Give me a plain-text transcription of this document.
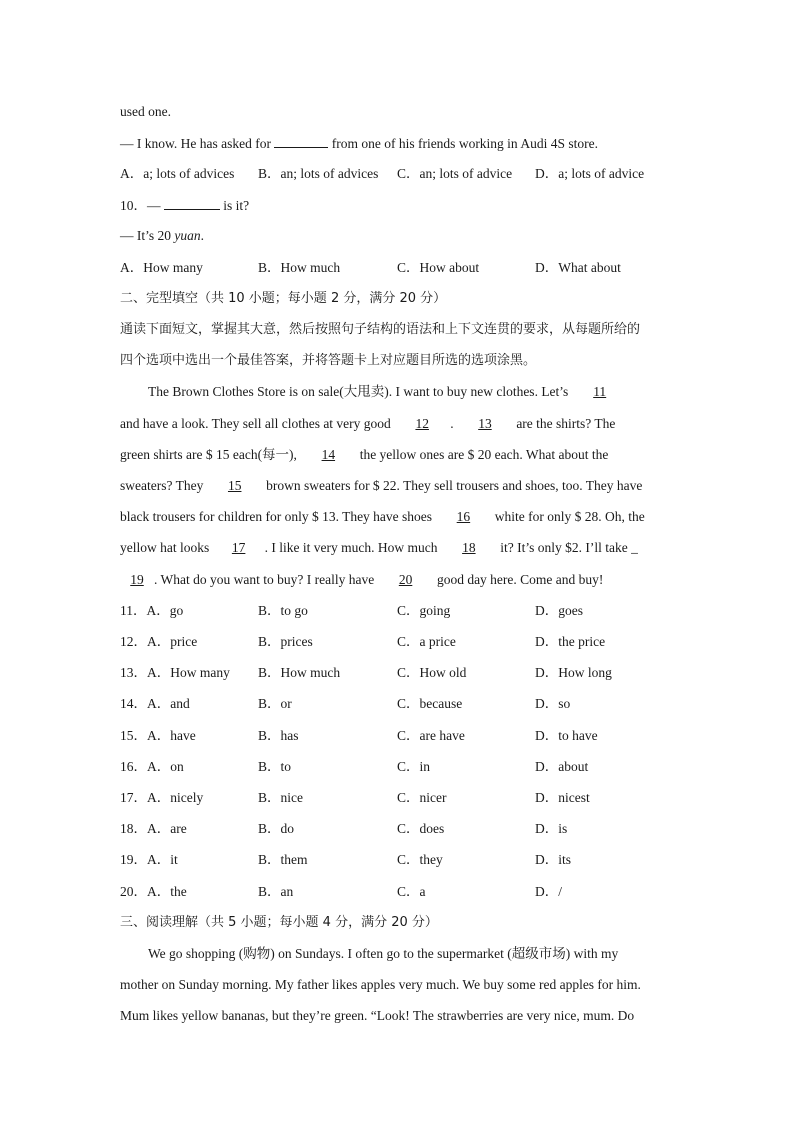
used one.
— I know. He has asked for	from one of his friends working in Audi 4S store.
A．a; lots of advices B．an; lots of advices C．an; lots of advice D．a; lots of advice
10．—	is it?
— It’s 20 yuan.
A．How many	B．How much	C．How about	D．What about
二、完型填空（共 10 小题；每小题 2 分，满分 20 分）
通读下面短文，掌握其大意，然后按照句子结构的语法和上下文连贯的要求，从每题所给的
四个选项中选出一个最佳答案，并将答题卡上对应题目所选的选项涂黑。
The Brown Clothes Store is on sale(大甩卖). I want to buy new clothes. Let’s 11
and have a look. They sell all clothes at very good 12 . 13 are the shirts? The
green shirts are $ 15 each(每一), 14 the yellow ones are $ 20 each. What about the
sweaters? They 15 brown sweaters for $ 22. They sell trousers and shoes, too. They have
black trousers for children for only $ 13. They have shoes 16 white for only $ 28. Oh, the
yellow hat looks 17 . I like it very much. How much 18 it? It’s only $2. I’ll take _
19 . What do you want to buy? I really have 20 good day here. Come and buy!
11．A．go	B．to go	C．going	D．goes
12．A．price	B．prices	C．a price	D．the price
13．A．How many B．How much	C．How old	D．How long
14．A．and	B．or	C．because	D．so
15．A．have	B．has	C．are have	D．to have
16．A．on	B．to	C．in	D．about
17．A．nicely	B．nice	C．nicer	D．nicest
18．A．are	B．do	C．does	D．is
19．A．it	B．them	C．they	D．its
20．A．the	B．an	C．a	D．/
三、阅读理解（共 5 小题；每小题 4 分，满分 20 分）
We go shopping (购物) on Sundays. I often go to the supermarket (超级市场) with my
mother on Sunday morning. My father likes apples very much. We buy some red apples for him.
Mum likes yellow bananas, but they’re green. “Look! The strawberries are very nice, mum. Do
